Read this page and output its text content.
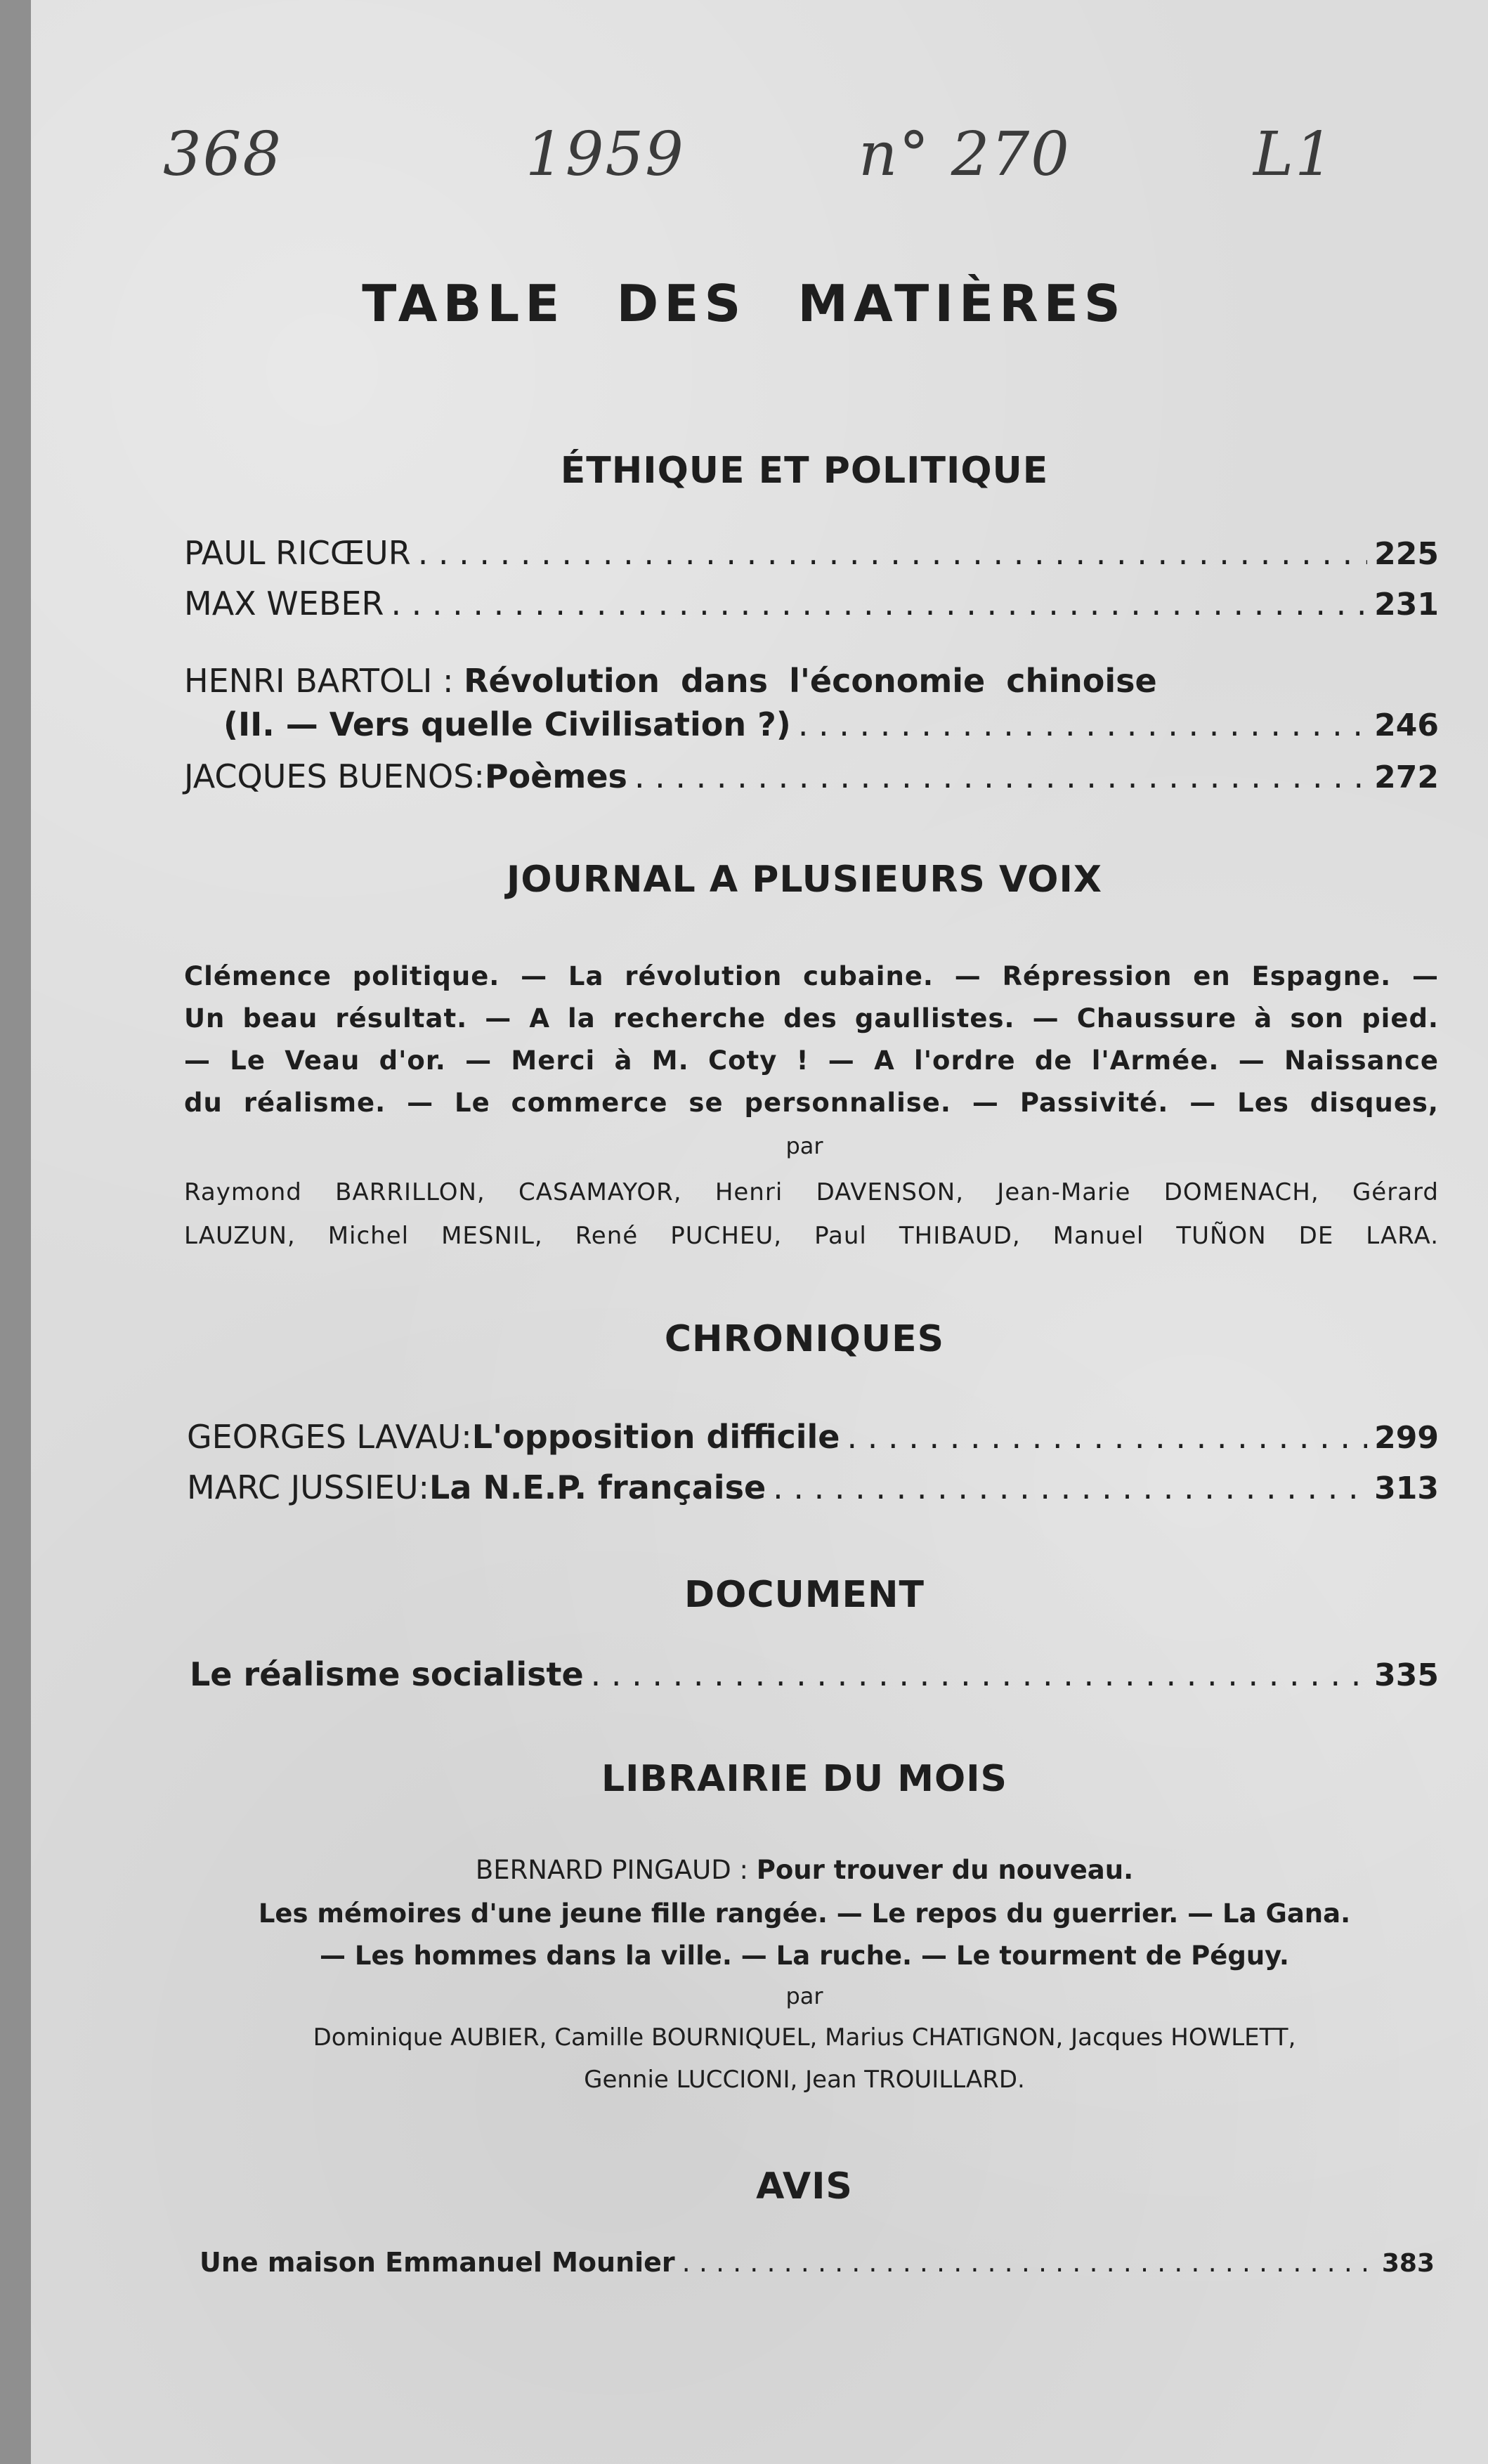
368	1959	n° 270	L1
TABLE DES MATIÈRES
ÉTHIQUE ET POLITIQUE
PAUL RICŒUR . . .	225
MAX WEBER . . .	231
HENRI BARTOLI : Révolution dans l'économie chinoise
(II. — Vers quelle Civilisation ?) . . .	246
JACQUES BUENOS : Poèmes . . .	272
JOURNAL A PLUSIEURS VOIX
Clémence politique. — La révolution cubaine. — Répression en Espagne. —
Un beau résultat. — A la recherche des gaullistes. — Chaussure à son pied.
— Le Veau d'or. — Merci à M. Coty ! — A l'ordre de l'Armée. — Naissance
du réalisme. — Le commerce se personnalise. — Passivité. — Les disques,
par
Raymond BARRILLON, CASAMAYOR, Henri DAVENSON, Jean-Marie DOMENACH, Gérard
LAUZUN, Michel MESNIL, René PUCHEU, Paul THIBAUD, Manuel TUÑON DE LARA.
CHRONIQUES
GEORGES LAVAU : L'opposition difficile . . .	299
MARC JUSSIEU : La N.E.P. française . . .	313
DOCUMENT
Le réalisme socialiste . . .	335
LIBRAIRIE DU MOIS
BERNARD PINGAUD : Pour trouver du nouveau.
Les mémoires d'une jeune fille rangée. — Le repos du guerrier. — La Gana.
— Les hommes dans la ville. — La ruche. — Le tourment de Péguy.
par
Dominique AUBIER, Camille BOURNIQUEL, Marius CHATIGNON, Jacques HOWLETT,
Gennie LUCCIONI, Jean TROUILLARD.
AVIS
Une maison Emmanuel Mounier . . .	383
